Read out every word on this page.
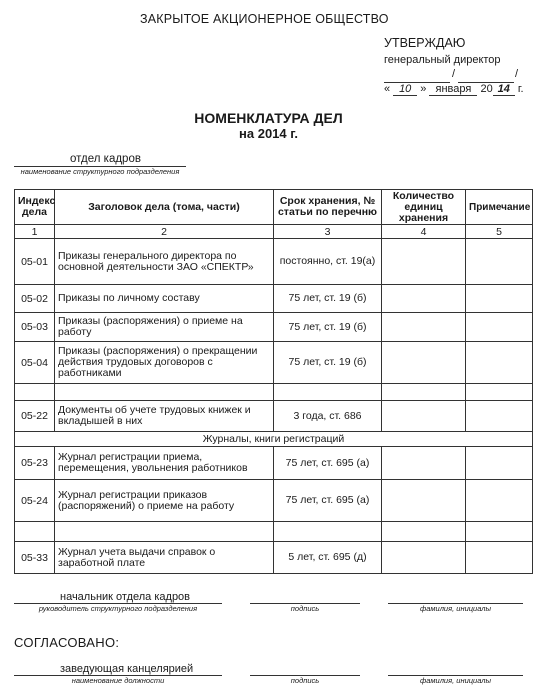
ЗАКРЫТОЕ АКЦИОНЕРНОЕ ОБЩЕСТВО
УТВЕРЖДАЮ
генеральный директор
/	/
« 10 » января 20 14 г.
НОМЕНКЛАТУРА ДЕЛ
на 2014 г.
отдел кадров
наименование структурного подразделения
Индекс дела	Заголовок дела (тома, части)	Срок хранения, № статьи по перечню	Количество единиц хранения	Примечание
1	2	3	4	5
05-01	Приказы генерального директора по основной деятельности ЗАО «СПЕКТР»	постоянно, ст. 19(а)		
05-02	Приказы по личному составу	75 лет, ст. 19 (б)		
05-03	Приказы (распоряжения) о приеме на работу	75 лет, ст. 19 (б)		
05-04	Приказы (распоряжения) о прекращении действия трудовых договоров с работниками	75 лет, ст. 19 (б)		

05-22	Документы об учете трудовых книжек и вкладышей в них	3 года, ст. 686		
Журналы, книги регистраций				
05-23	Журнал регистрации приема, перемещения, увольнения работников	75 лет, ст. 695 (а)		
05-24	Журнал регистрации приказов (распоряжений) о приеме на работу	75 лет, ст. 695 (а)		

05-33	Журнал учета выдачи справок о заработной плате	5 лет, ст. 695 (д)		
начальник отдела кадров
руководитель структурного подразделения	подпись	фамилия, инициалы
СОГЛАСОВАНО:
заведующая канцелярией
наименование должности	подпись	фамилия, инициалы
